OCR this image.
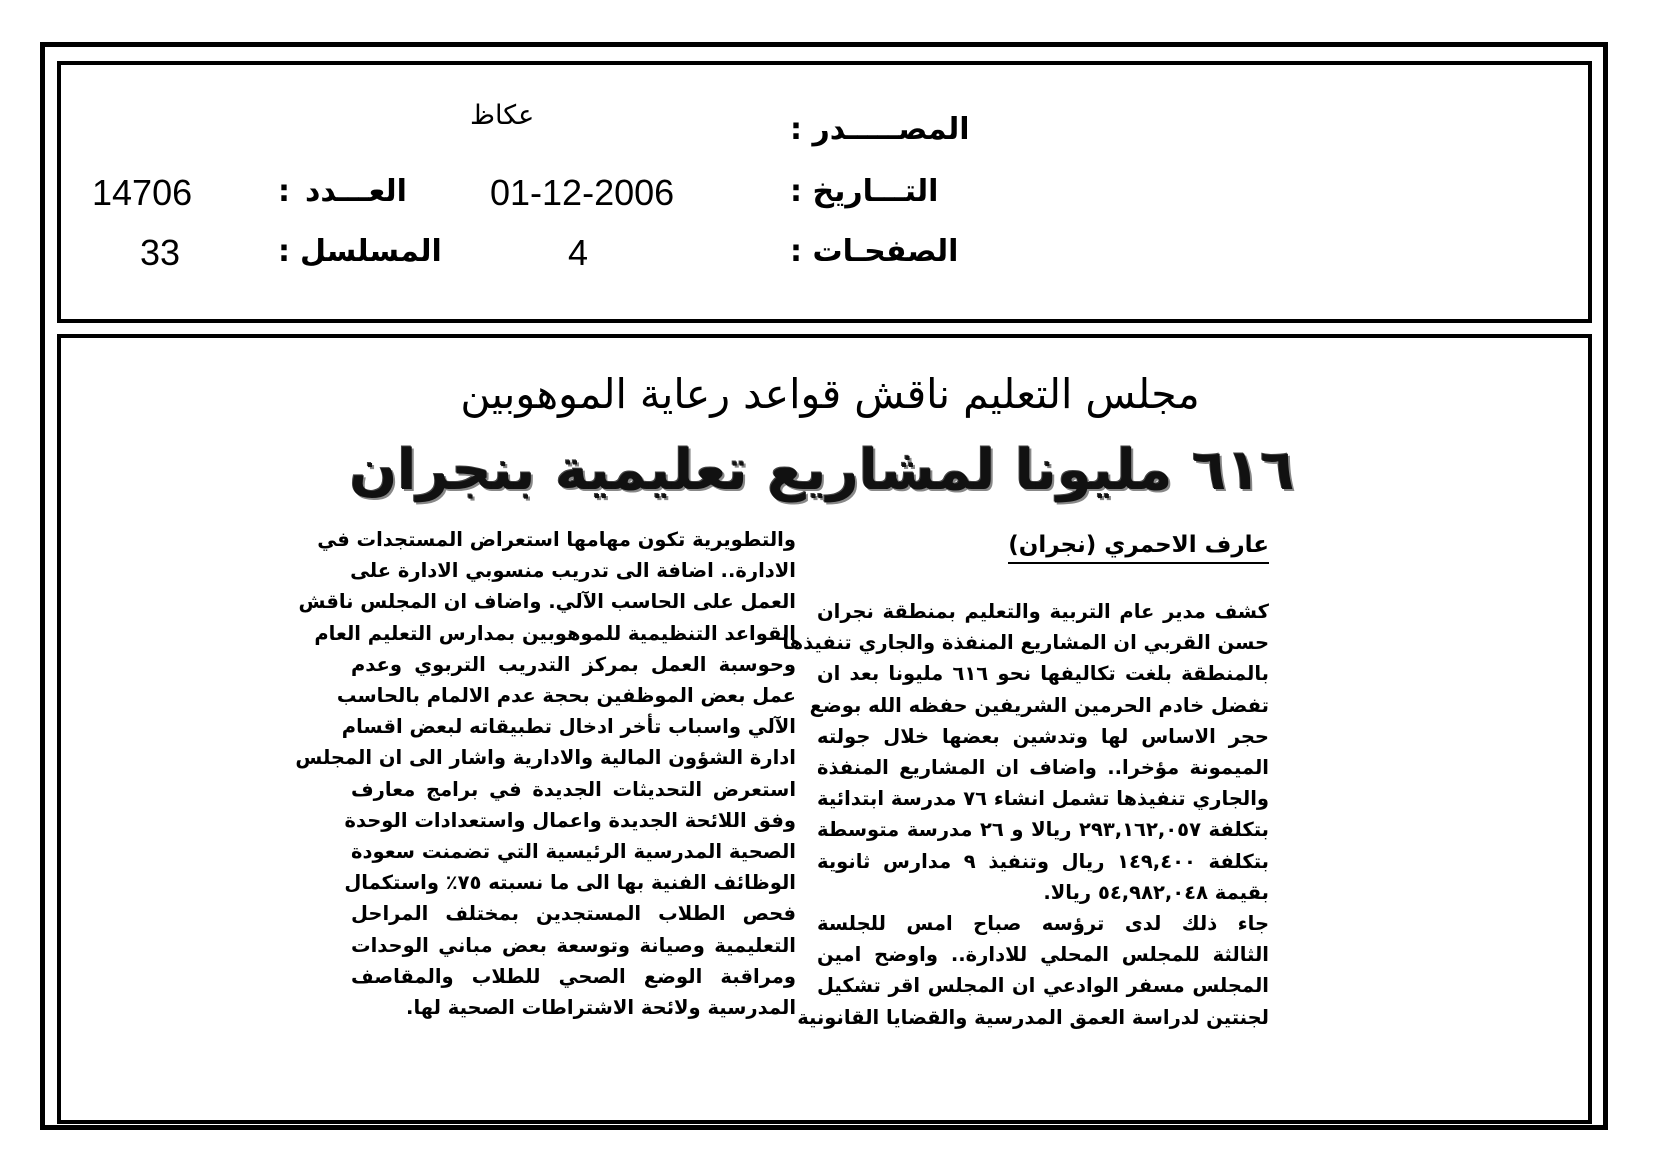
عكاظ	المصـــــدر :
01-12-2006	التـــاريخ :
14706	: العـــدد
4	الصفحـات :
33	: المسلسل
مجلس التعليم ناقش قواعد رعاية الموهوبين
٦١٦ مليونا لمشاريع تعليمية بنجران
عارف الاحمري (نجران)
كشف مدير عام التربية والتعليم بمنطقة نجران
حسن القربي ان المشاريع المنفذة والجاري تنفيذها
بالمنطقة بلغت تكاليفها نحو ٦١٦ مليونا بعد ان
تفضل خادم الحرمين الشريفين حفظه الله بوضع
حجر الاساس لها وتدشين بعضها خلال جولته
الميمونة مؤخرا.. واضاف ان المشاريع المنفذة
والجاري تنفيذها تشمل انشاء ٧٦ مدرسة ابتدائية
بتكلفة ٢٩٣,١٦٢,٠٥٧ ريالا و ٢٦ مدرسة متوسطة
بتكلفة ١٤٩,٤٠٠ ريال وتنفيذ ٩ مدارس ثانوية
بقيمة ٥٤,٩٨٢,٠٤٨ ريالا.
جاء ذلك لدى ترؤسه صباح امس للجلسة
الثالثة للمجلس المحلي للادارة.. واوضح امين
المجلس مسفر الوادعي ان المجلس اقر تشكيل
لجنتين لدراسة العمق المدرسية والقضايا القانونية
والتطويرية تكون مهامها استعراض المستجدات في
الادارة.. اضافة الى تدريب منسوبي الادارة على
العمل على الحاسب الآلي. واضاف ان المجلس ناقش
القواعد التنظيمية للموهوبين بمدارس التعليم العام
وحوسبة العمل بمركز التدريب التربوي وعدم
عمل بعض الموظفين بحجة عدم الالمام بالحاسب
الآلي واسباب تأخر ادخال تطبيقاته لبعض اقسام
ادارة الشؤون المالية والادارية واشار الى ان المجلس
استعرض التحديثات الجديدة في برامج معارف
وفق اللائحة الجديدة واعمال واستعدادات الوحدة
الصحية المدرسية الرئيسية التي تضمنت سعودة
الوظائف الفنية بها الى ما نسبته ٧٥٪ واستكمال
فحص الطلاب المستجدين بمختلف المراحل
التعليمية وصيانة وتوسعة بعض مباني الوحدات
ومراقبة الوضع الصحي للطلاب والمقاصف
المدرسية ولائحة الاشتراطات الصحية لها.
